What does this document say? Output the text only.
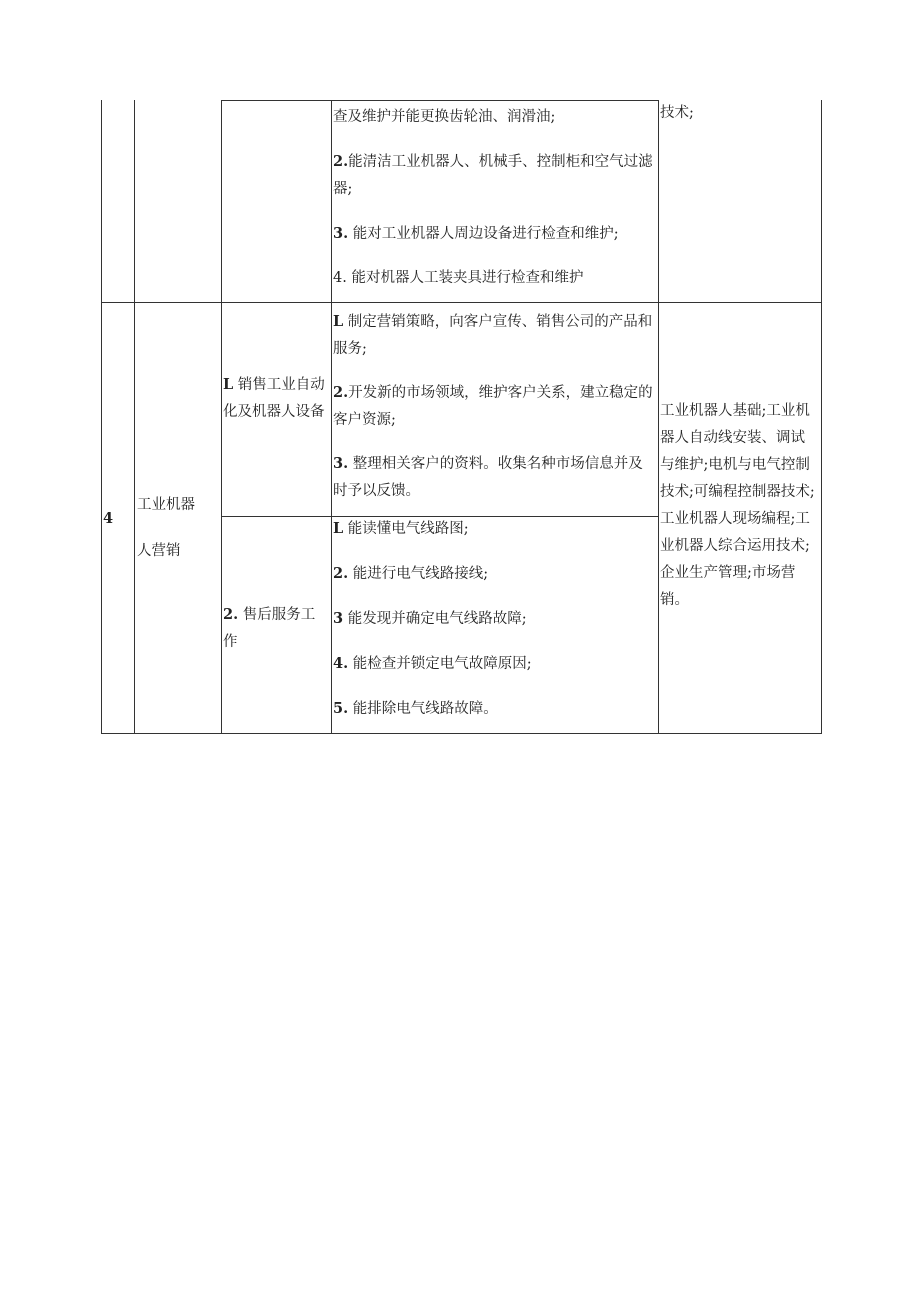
查及维护并能更换齿轮油、润滑油;

2.能清洁工业机器人、机械手、控制柜和空气过滤器;

3. 能对工业机器人周边设备进行检查和维护;

4. 能对机器人工装夹具进行检查和维护

技术;

4
工业机器
人营销

L 销售工业自动化及机器人设备

L 制定营销策略，向客户宣传、销售公司的产品和服务;

2.开发新的市场领域，维护客户关系，建立稳定的客户资源;

3. 整理相关客户的资料。收集名种市场信息并及时予以反馈。

2. 售后服务工作

L 能读懂电气线路图;

2. 能进行电气线路接线;

3 能发现并确定电气线路故障;

4. 能检查并锁定电气故障原因;

5. 能排除电气线路故障。

工业机器人基础;工业机器人自动线安装、调试与维护;电机与电气控制技术;可编程控制器技术;工业机器人现场编程;工业机器人综合运用技术;企业生产管理;市场营销。
